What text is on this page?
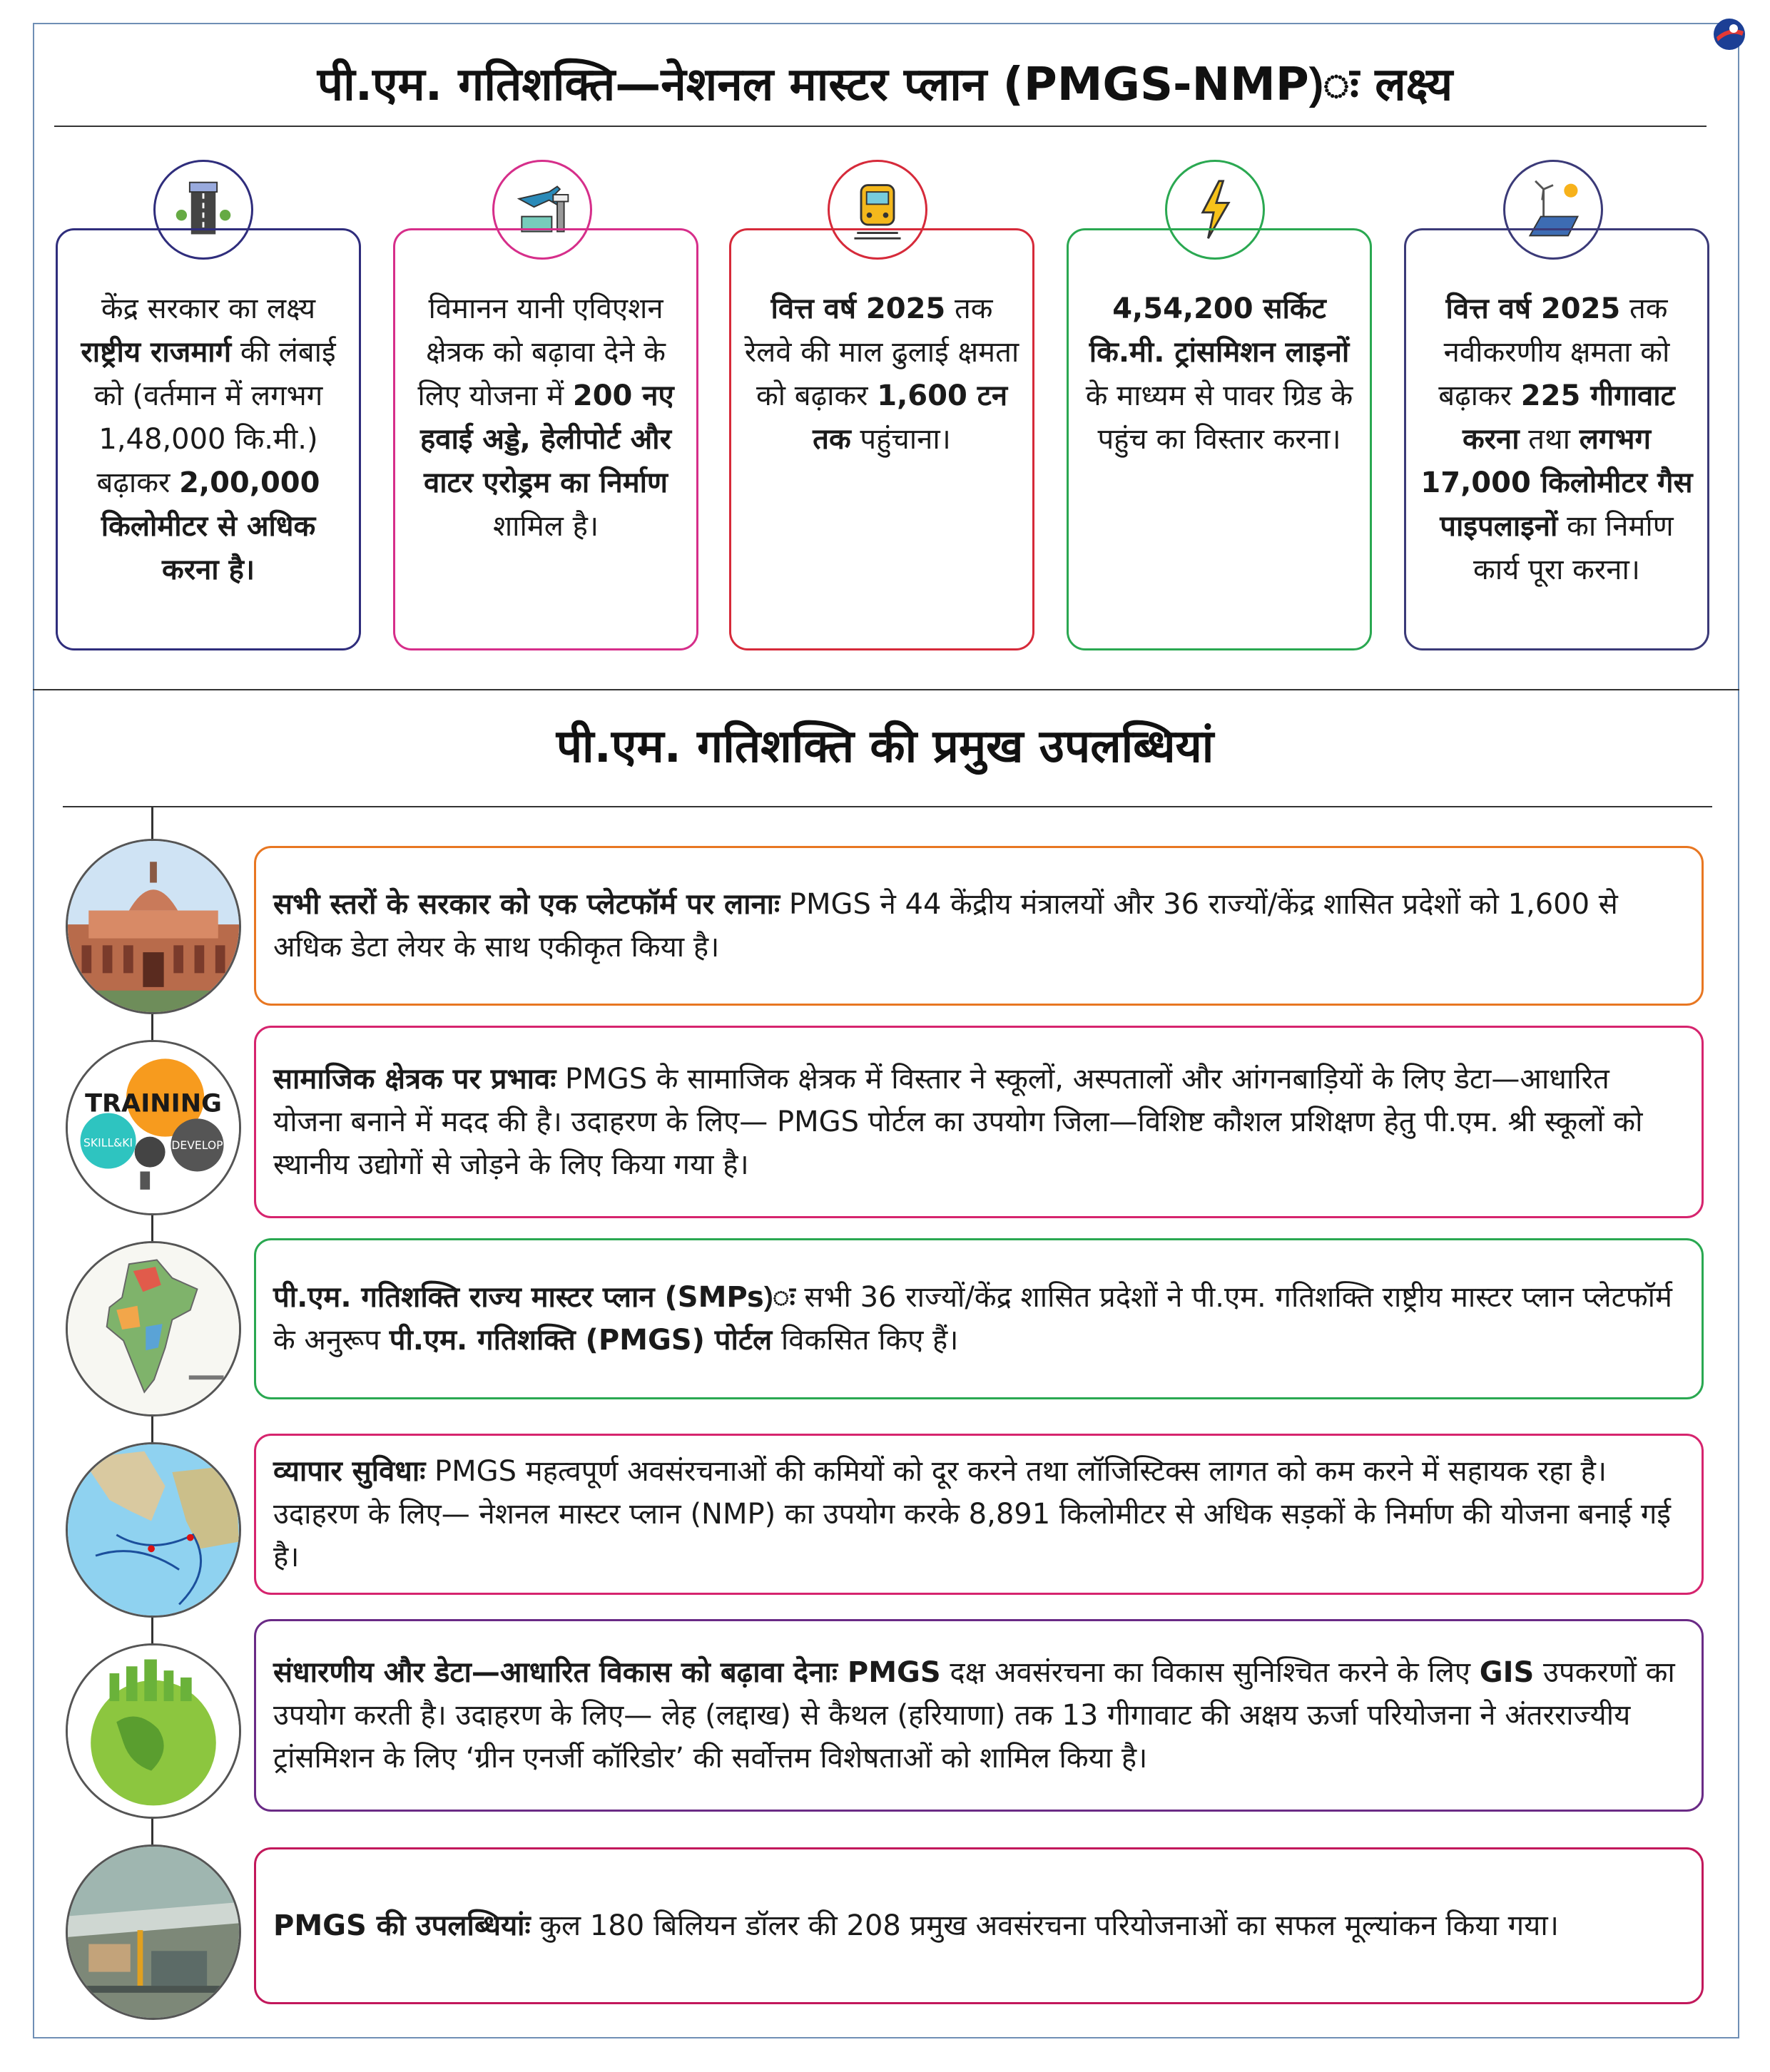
पी.एम. गतिशक्ति—नेशनल मास्टर प्लान (PMGS-NMP)ः लक्ष्य

केंद्र सरकार का लक्ष्य राष्ट्रीय राजमार्ग की लंबाई को (वर्तमान में लगभग 1,48,000 कि.मी.) बढ़ाकर 2,00,000 किलोमीटर से अधिक करना है।

विमानन यानी एविएशन क्षेत्रक को बढ़ावा देने के लिए योजना में 200 नए हवाई अड्डे, हेलीपोर्ट और वाटर एरोड्रम का निर्माण शामिल है।

वित्त वर्ष 2025 तक रेलवे की माल ढुलाई क्षमता को बढ़ाकर 1,600 टन तक पहुंचाना।

4,54,200 सर्किट कि.मी. ट्रांसमिशन लाइनों के माध्यम से पावर ग्रिड के पहुंच का विस्तार करना।

वित्त वर्ष 2025 तक नवीकरणीय क्षमता को बढ़ाकर 225 गीगावाट करना तथा लगभग 17,000 किलोमीटर गैस पाइपलाइनों का निर्माण कार्य पूरा करना।

पी.एम. गतिशक्ति की प्रमुख उपलब्धियां
TRAINING
SKILL&KI	DEVELOP

सभी स्तरों के सरकार को एक प्लेटफॉर्म पर लानाः PMGS ने 44 केंद्रीय मंत्रालयों और 36 राज्यों/केंद्र शासित प्रदेशों को 1,600 से अधिक डेटा लेयर के साथ एकीकृत किया है।

सामाजिक क्षेत्रक पर प्रभावः PMGS के सामाजिक क्षेत्रक में विस्तार ने स्कूलों, अस्पतालों और आंगनबाड़ियों के लिए डेटा—आधारित योजना बनाने में मदद की है। उदाहरण के लिए— PMGS पोर्टल का उपयोग जिला—विशिष्ट कौशल प्रशिक्षण हेतु पी.एम. श्री स्कूलों को स्थानीय उद्योगों से जोड़ने के लिए किया गया है।

पी.एम. गतिशक्ति राज्य मास्टर प्लान (SMPs)ः सभी 36 राज्यों/केंद्र शासित प्रदेशों ने पी.एम. गतिशक्ति राष्ट्रीय मास्टर प्लान प्लेटफॉर्म के अनुरूप पी.एम. गतिशक्ति (PMGS) पोर्टल विकसित किए हैं।

व्यापार सुविधाः PMGS महत्वपूर्ण अवसंरचनाओं की कमियों को दूर करने तथा लॉजिस्टिक्स लागत को कम करने में सहायक रहा है। उदाहरण के लिए— नेशनल मास्टर प्लान (NMP) का उपयोग करके 8,891 किलोमीटर से अधिक सड़कों के निर्माण की योजना बनाई गई है।

संधारणीय और डेटा—आधारित विकास को बढ़ावा देनाः PMGS दक्ष अवसंरचना का विकास सुनिश्चित करने के लिए GIS उपकरणों का उपयोग करती है। उदाहरण के लिए— लेह (लद्दाख) से कैथल (हरियाणा) तक 13 गीगावाट की अक्षय ऊर्जा परियोजना ने अंतरराज्यीय ट्रांसमिशन के लिए ‘ग्रीन एनर्जी कॉरिडोर’ की सर्वोत्तम विशेषताओं को शामिल किया है।

PMGS की उपलब्धियांः कुल 180 बिलियन डॉलर की 208 प्रमुख अवसंरचना परियोजनाओं का सफल मूल्यांकन किया गया।
